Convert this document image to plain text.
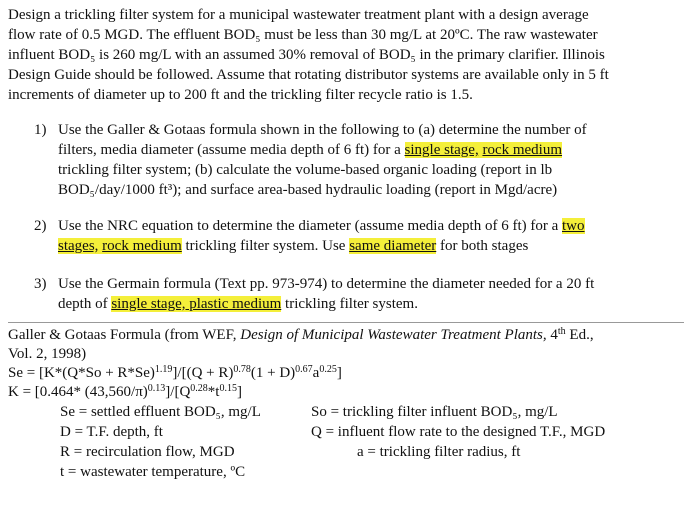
Design a trickling filter system for a municipal wastewater treatment plant with a design average
flow rate of 0.5 MGD. The effluent BOD₅ must be less than 30 mg/L at 20ºC. The raw wastewater
influent BOD₅ is 260 mg/L with an assumed 30% removal of BOD₅ in the primary clarifier. Illinois
Design Guide should be followed. Assume that rotating distributor systems are available only in 5 ft
increments of diameter up to 200 ft and the trickling filter recycle ratio is 1.5.
1) Use the Galler & Gotaas formula shown in the following to (a) determine the number of
filters, media diameter (assume media depth of 6 ft) for a single stage, rock medium
trickling filter system; (b) calculate the volume-based organic loading (report in lb
BOD₅/day/1000 ft³); and surface area-based hydraulic loading (report in Mgd/acre)
2) Use the NRC equation to determine the diameter (assume media depth of 6 ft) for a two
stages, rock medium trickling filter system. Use same diameter for both stages
3) Use the Germain formula (Text pp. 973-974) to determine the diameter needed for a 20 ft
depth of single stage, plastic medium trickling filter system.
Galler & Gotaas Formula (from WEF, Design of Municipal Wastewater Treatment Plants, 4th Ed.,
Vol. 2, 1998)
$Se = [K*(Q*So + R*Se)^{1.19}]/[(Q + R)^{0.78}(1 + D)^{0.67}a^{0.25}]$
K = [0.464* $(43,560/\pi)^{0.13}]/[Q^{0.28}*t^{0.15}]$
Se = settled effluent BOD₅, mg/L	So = trickling filter influent BOD₅, mg/L
D = T.F. depth, ft	Q = influent flow rate to the designed T.F., MGD
R = recirculation flow, MGD	a = trickling filter radius, ft
t = wastewater temperature, ºC
